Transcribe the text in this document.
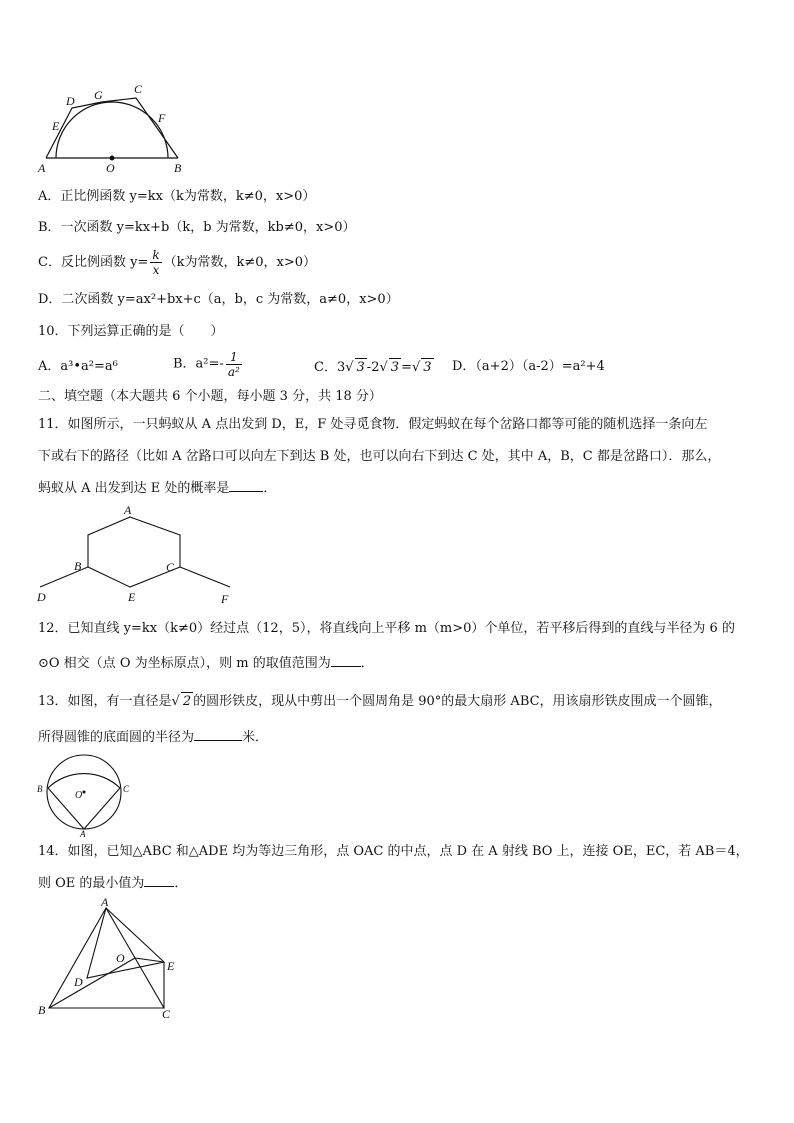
D G	C
E
F
A	O	B
A．正比例函数 y=kx（k为常数，k≠0，x>0）
B．一次函数 y=kx+b（k，b 为常数，kb≠0，x>0）
C．反比例函数 $y= \frac{k}{x} (k$为常数，k≠0，x>0）
D．二次函数 y=ax²+bx+c（a，b，c 为常数，a≠0，x>0）
10．下列运算正确的是（　　）
A．a³•a²=a⁶	B．$a^2=- \frac{1}{\text{a²}}$	C．3√ 3 -2√ 3 =√ 3 D．（a+2）（a-2）=a²+4
二、填空题（本大题共 6 个小题，每小题 3 分，共 18 分）
11．如图所示，一只蚂蚁从 A 点出发到 D，E，F 处寻觅食物．假定蚂蚁在每个岔路口都等可能的随机选择一条向左
下或右下的路径（比如 A 岔路口可以向左下到达 B 处，也可以向右下到达 C 处，其中 A，B，C 都是岔路口）．那么，
蚂蚁从 A 出发到达 E 处的概率是	．
A
B	C
D	E	F
12．已知直线 y=kx（k≠0）经过点（12，5），将直线向上平移 m（m>0）个单位，若平移后得到的直线与半径为 6 的
⊙O 相交（点 O 为坐标原点），则 m 的取值范围为 ．
13．如图，有一直径是√ 2 的圆形铁皮，现从中剪出一个圆周角是 90°的最大扇形 ABC，用该扇形铁皮围成一个圆锥，
所得圆锥的底面圆的半径为	米．
B
O
C
A
14．如图，已知△ABC 和△ADE 均为等边三角形，点 OAC 的中点，点 D 在 A 射线 BO 上，连接 OE，EC，若 AB＝4，
则 OE 的最小值为 ．
A
O
E
D
B	C
